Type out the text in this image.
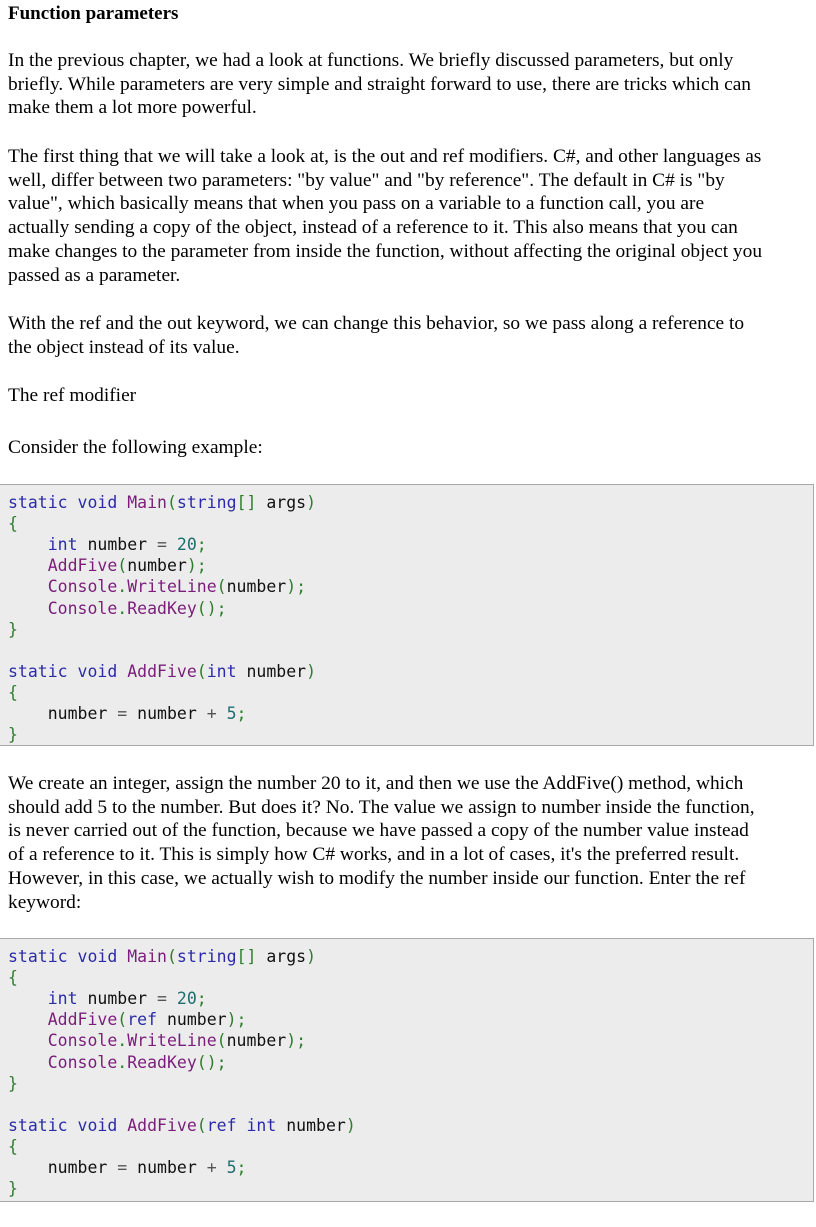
Function parameters
In the previous chapter, we had a look at functions. We briefly discussed parameters, but only
briefly. While parameters are very simple and straight forward to use, there are tricks which can
make them a lot more powerful.
The first thing that we will take a look at, is the out and ref modifiers. C#, and other languages as
well, differ between two parameters: "by value" and "by reference". The default in C# is "by
value", which basically means that when you pass on a variable to a function call, you are
actually sending a copy of the object, instead of a reference to it. This also means that you can
make changes to the parameter from inside the function, without affecting the original object you
passed as a parameter.
With the ref and the out keyword, we can change this behavior, so we pass along a reference to
the object instead of its value.
The ref modifier
Consider the following example:
static void Main(string[] args)
{
int number = 20;
AddFive(number);
Console.WriteLine(number);
Console.ReadKey();
}
static void AddFive(int number)
{
number = number + 5;
}
We create an integer, assign the number 20 to it, and then we use the AddFive() method, which
should add 5 to the number. But does it? No. The value we assign to number inside the function,
is never carried out of the function, because we have passed a copy of the number value instead
of a reference to it. This is simply how C# works, and in a lot of cases, it's the preferred result.
However, in this case, we actually wish to modify the number inside our function. Enter the ref
keyword:
static void Main(string[] args)
{
int number = 20;
AddFive(ref number);
Console.WriteLine(number);
Console.ReadKey();
}
static void AddFive(ref int number)
{
number = number + 5;
}
